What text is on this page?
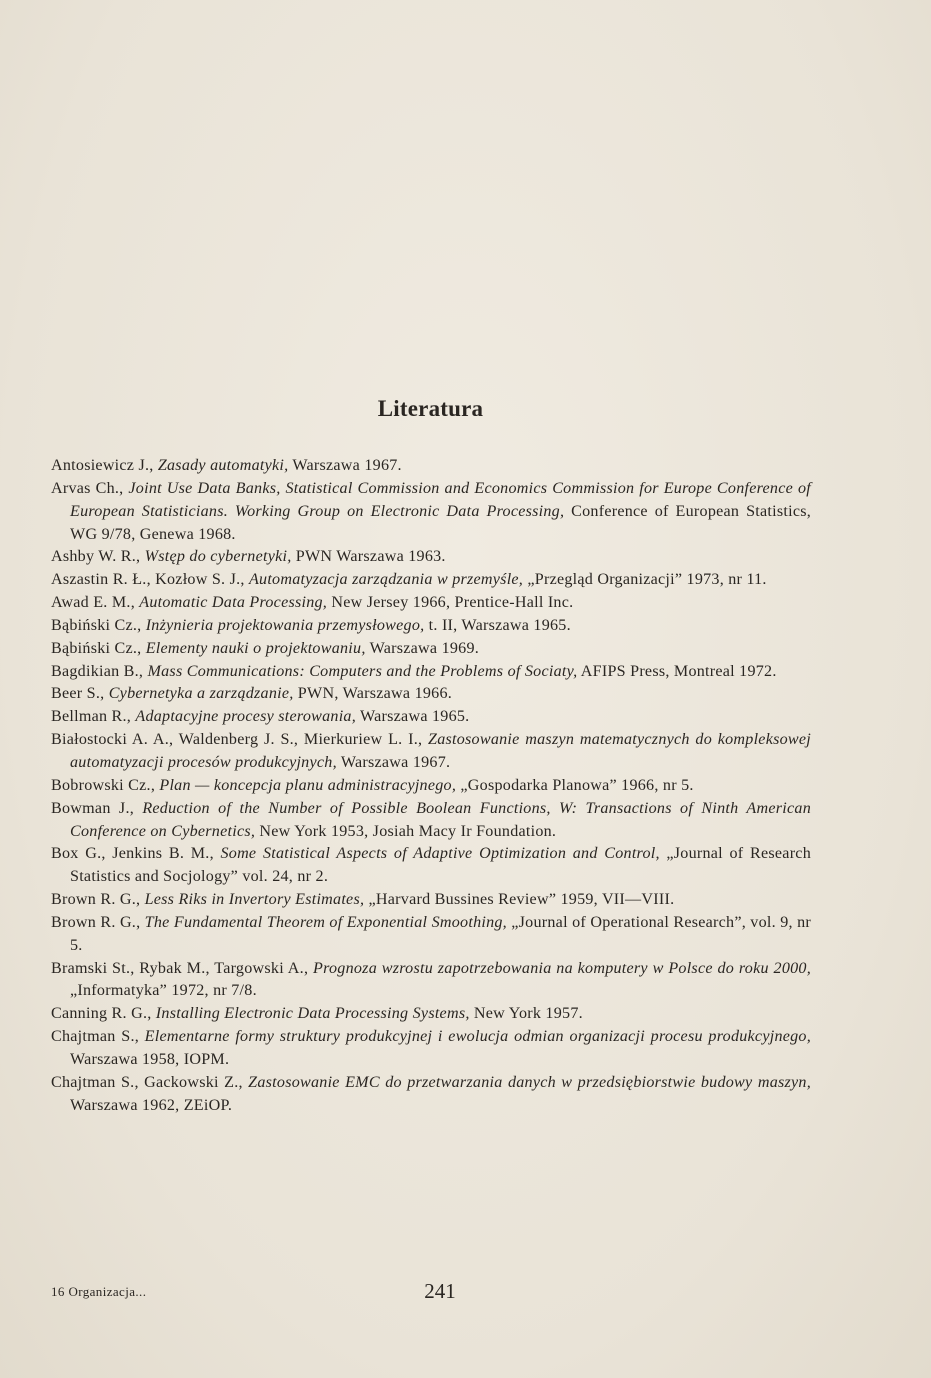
Literatura
Antosiewicz J., Zasady automatyki, Warszawa 1967.
Arvas Ch., Joint Use Data Banks, Statistical Commission and Economics Commission for Europe Conference of European Statisticians. Working Group on Electronic Data Processing, Conference of European Statistics, WG 9/78, Genewa 1968.
Ashby W. R., Wstęp do cybernetyki, PWN Warszawa 1963.
Aszastin R. Ł., Kozłow S. J., Automatyzacja zarządzania w przemyśle, „Przegląd Organizacji” 1973, nr 11.
Awad E. M., Automatic Data Processing, New Jersey 1966, Prentice-Hall Inc.
Bąbiński Cz., Inżynieria projektowania przemysłowego, t. II, Warszawa 1965.
Bąbiński Cz., Elementy nauki o projektowaniu, Warszawa 1969.
Bagdikian B., Mass Communications: Computers and the Problems of Sociaty, AFIPS Press, Montreal 1972.
Beer S., Cybernetyka a zarządzanie, PWN, Warszawa 1966.
Bellman R., Adaptacyjne procesy sterowania, Warszawa 1965.
Białostocki A. A., Waldenberg J. S., Mierkuriew L. I., Zastosowanie maszyn matematycznych do kompleksowej automatyzacji procesów produkcyjnych, Warszawa 1967.
Bobrowski Cz., Plan — koncepcja planu administracyjnego, „Gospodarka Planowa” 1966, nr 5.
Bowman J., Reduction of the Number of Possible Boolean Functions, W: Transactions of Ninth American Conference on Cybernetics, New York 1953, Josiah Macy Ir Foundation.
Box G., Jenkins B. M., Some Statistical Aspects of Adaptive Optimization and Control, „Journal of Research Statistics and Socjology” vol. 24, nr 2.
Brown R. G., Less Riks in Invertory Estimates, „Harvard Bussines Review” 1959, VII—VIII.
Brown R. G., The Fundamental Theorem of Exponential Smoothing, „Journal of Operational Research”, vol. 9, nr 5.
Bramski St., Rybak M., Targowski A., Prognoza wzrostu zapotrzebowania na komputery w Polsce do roku 2000, „Informatyka” 1972, nr 7/8.
Canning R. G., Installing Electronic Data Processing Systems, New York 1957.
Chajtman S., Elementarne formy struktury produkcyjnej i ewolucja odmian organizacji procesu produkcyjnego, Warszawa 1958, IOPM.
Chajtman S., Gackowski Z., Zastosowanie EMC do przetwarzania danych w przedsiębiorstwie budowy maszyn, Warszawa 1962, ZEiOP.
16 Organizacja...	241
